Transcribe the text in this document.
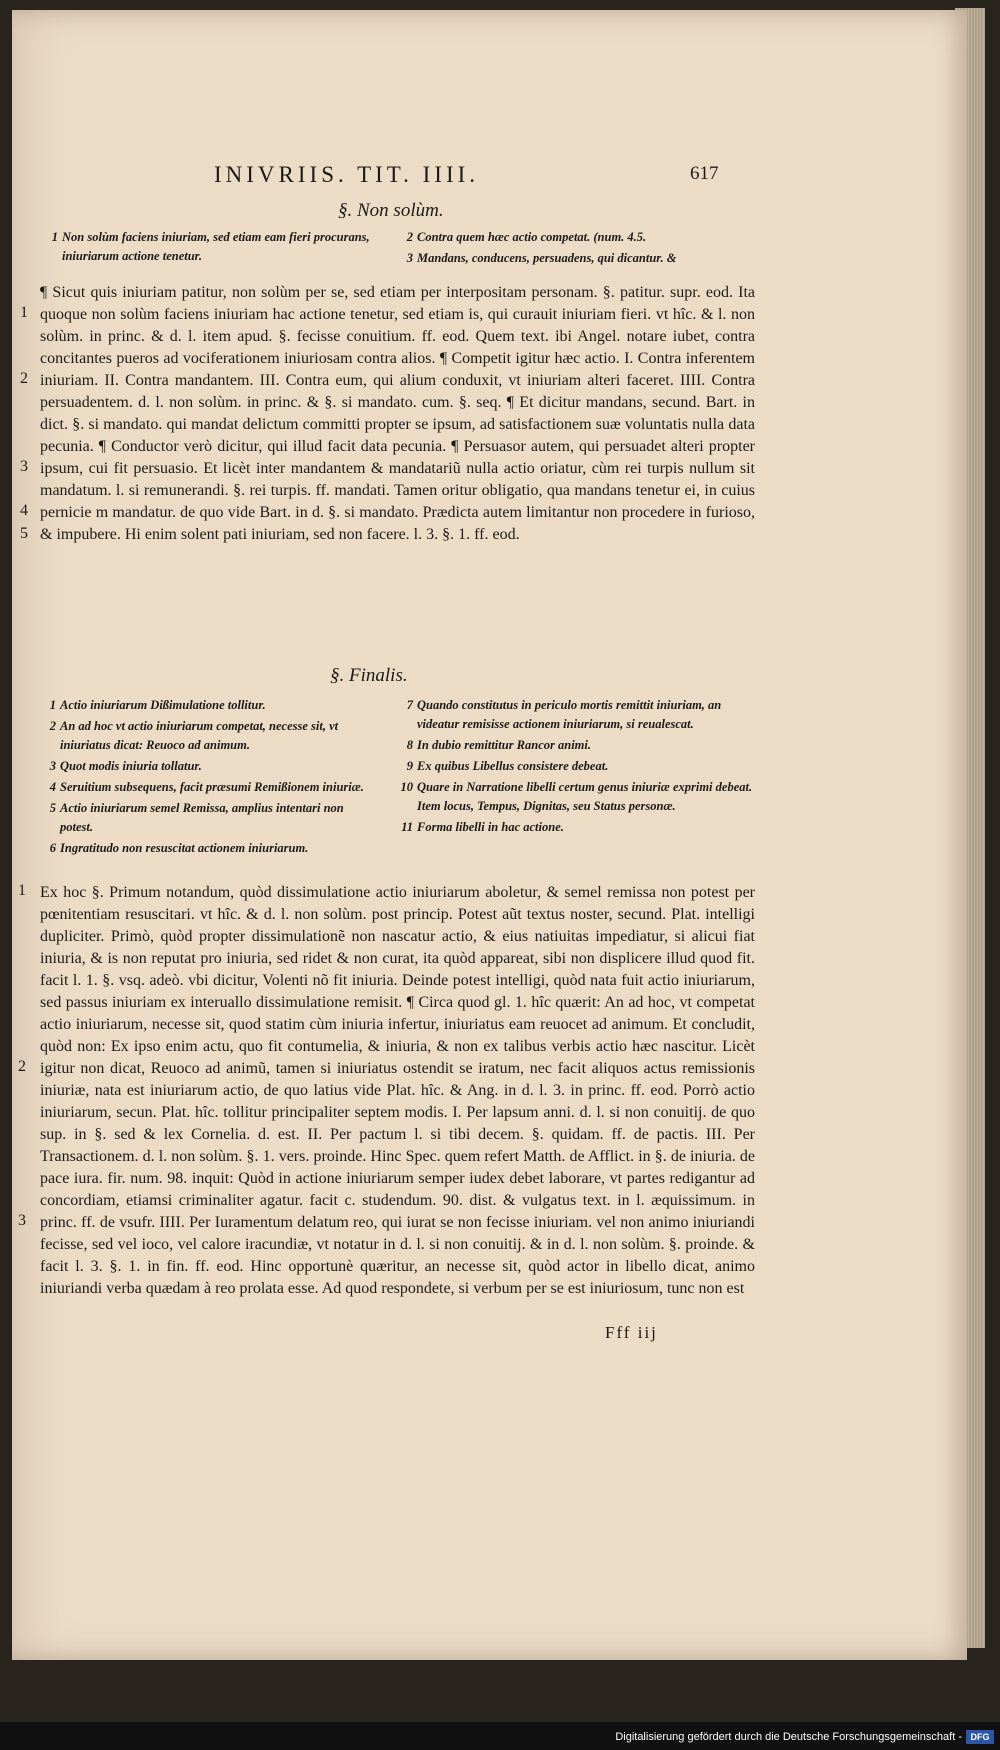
INIVRIIS. TIT. IIII.	617
§. Non solùm.
1 Non solùm faciens iniuriam, sed etiam eam fieri procurans, iniuriarum actione tenetur.
2 Contra quem hæc actio competat. (num. 4.5.
3 Mandans, conducens, persuadens, qui dicantur. &
1
2
3
4
5

¶ Sicut quis iniuriam patitur, non solùm per se, sed etiam per interpositam personam. §. patitur. supr. eod. Ita quoque non solùm faciens iniuriam hac actione tenetur, sed etiam is, qui curauit iniuriam fieri. vt hîc. & l. non solùm. in princ. & d. l. item apud. §. fecisse conuitium. ff. eod. Quem text. ibi Angel. notare iubet, contra concitantes pueros ad vociferationem iniuriosam contra alios. ¶ Competit igitur hæc actio. I. Contra inferentem iniuriam. II. Contra mandantem. III. Contra eum, qui alium conduxit, vt iniuriam alteri faceret. IIII. Contra persuadentem. d. l. non solùm. in princ. & §. si mandato. cum. §. seq. ¶ Et dicitur mandans, secund. Bart. in dict. §. si mandato. qui mandat delictum committi propter se ipsum, ad satisfactionem suæ voluntatis nulla data pecunia. ¶ Conductor verò dicitur, qui illud facit data pecunia. ¶ Persuasor autem, qui persuadet alteri propter ipsum, cui fit persuasio. Et licèt inter mandantem & mandatariũ nulla actio oriatur, cùm rei turpis nullum sit mandatum. l. si remunerandi. §. rei turpis. ff. mandati. Tamen oritur obligatio, qua mandans tenetur ei, in cuius pernicie m mandatur. de quo vide Bart. in d. §. si mandato. Prædicta autem limitantur non procedere in furioso, & impubere. Hi enim solent pati iniuriam, sed non facere. l. 3. §. 1. ff. eod.

§. Finalis.
1 Actio iniuriarum Dißimulatione tollitur.
2 An ad hoc vt actio iniuriarum competat, necesse sit, vt iniuriatus dicat: Reuoco ad animum.
3 Quot modis iniuria tollatur.
4 Seruitium subsequens, facit præsumi Remißionem iniuriæ.
5 Actio iniuriarum semel Remissa, amplius intentari non potest.
6 Ingratitudo non resuscitat actionem iniuriarum.
7 Quando constitutus in periculo mortis remittit iniuriam, an videatur remisisse actionem iniuriarum, si reualescat.
8 In dubio remittitur Rancor animi.
9 Ex quibus Libellus consistere debeat.
10 Quare in Narratione libelli certum genus iniuriæ exprimi debeat. Item locus, Tempus, Dignitas, seu Status personæ.
11 Forma libelli in hac actione.
1
2
3

Ex hoc §. Primum notandum, quòd dissimulatione actio iniuriarum aboletur, & semel remissa non potest per pœnitentiam resuscitari. vt hîc. & d. l. non solùm. post princip. Potest aũt textus noster, secund. Plat. intelligi dupliciter. Primò, quòd propter dissimulationẽ non nascatur actio, & eius natiuitas impediatur, si alicui fiat iniuria, & is non reputat pro iniuria, sed ridet & non curat, ita quòd appareat, sibi non displicere illud quod fit. facit l. 1. §. vsq. adeò. vbi dicitur, Volenti nõ fit iniuria. Deinde potest intelligi, quòd nata fuit actio iniuriarum, sed passus iniuriam ex interuallo dissimulatione remisit. ¶ Circa quod gl. 1. hîc quærit: An ad hoc, vt competat actio iniuriarum, necesse sit, quod statim cùm iniuria infertur, iniuriatus eam reuocet ad animum. Et concludit, quòd non: Ex ipso enim actu, quo fit contumelia, & iniuria, & non ex talibus verbis actio hæc nascitur. Licèt igitur non dicat, Reuoco ad animũ, tamen si iniuriatus ostendit se iratum, nec facit aliquos actus remissionis iniuriæ, nata est iniuriarum actio, de quo latius vide Plat. hîc. & Ang. in d. l. 3. in princ. ff. eod. Porrò actio iniuriarum, secun. Plat. hîc. tollitur principaliter septem modis. I. Per lapsum anni. d. l. si non conuitij. de quo sup. in §. sed & lex Cornelia. d. est. II. Per pactum l. si tibi decem. §. quidam. ff. de pactis. III. Per Transactionem. d. l. non solùm. §. 1. vers. proinde. Hinc Spec. quem refert Matth. de Afflict. in §. de iniuria. de pace iura. fir. num. 98. inquit: Quòd in actione iniuriarum semper iudex debet laborare, vt partes redigantur ad concordiam, etiamsi criminaliter agatur. facit c. studendum. 90. dist. & vulgatus text. in l. æquissimum. in princ. ff. de vsufr. IIII. Per Iuramentum delatum reo, qui iurat se non fecisse iniuriam. vel non animo iniuriandi fecisse, sed vel ioco, vel calore iracundiæ, vt notatur in d. l. si non conuitij. & in d. l. non solùm. §. proinde. & facit l. 3. §. 1. in fin. ff. eod. Hinc opportunè quæritur, an necesse sit, quòd actor in libello dicat, animo iniuriandi verba quædam à reo prolata esse. Ad quod respondete, si verbum per se est iniuriosum, tunc non est

Fff iij
Digitalisierung gefördert durch die Deutsche Forschungsgemeinschaft - DFG
